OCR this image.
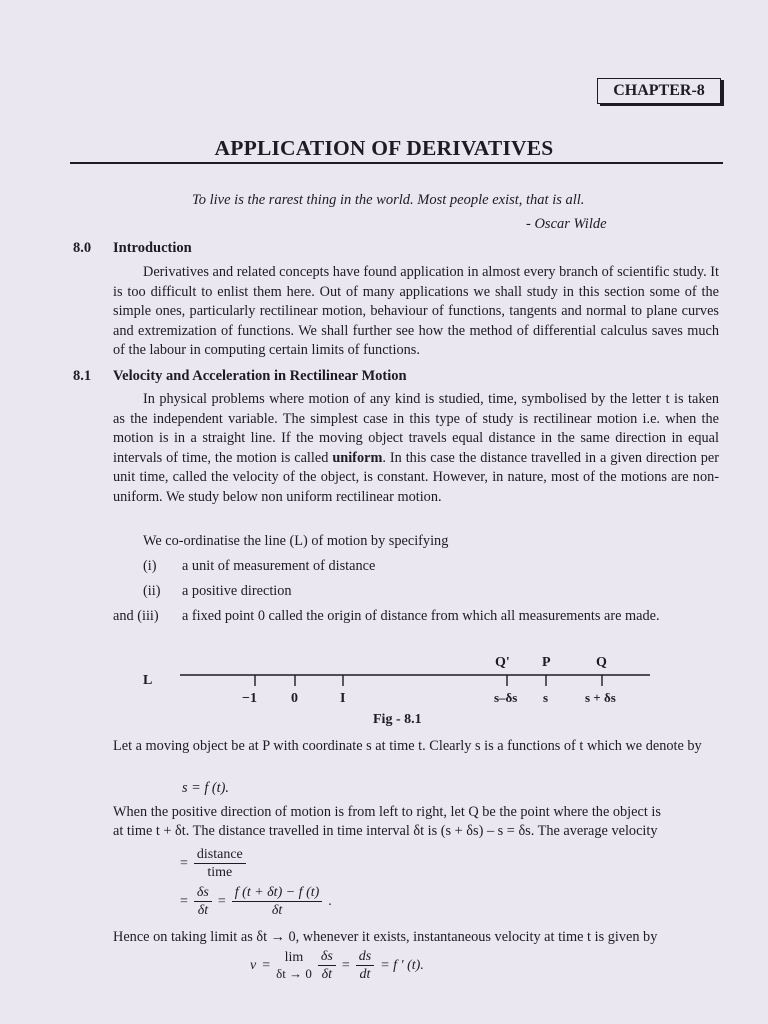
CHAPTER-8
APPLICATION OF DERIVATIVES
To live is the rarest thing in the world. Most people exist, that is all.
- Oscar Wilde
8.0 Introduction
Derivatives and related concepts have found application in almost every branch of scientific study. It is too difficult to enlist them here. Out of many applications we shall study in this section some of the simple ones, particularly rectilinear motion, behaviour of functions, tangents and normal to plane curves and extremization of functions. We shall further see how the method of differential calculus saves much of the labour in computing certain limits of functions.
8.1 Velocity and Acceleration in Rectilinear Motion
In physical problems where motion of any kind is studied, time, symbolised by the letter t is taken as the independent variable. The simplest case in this type of study is rectilinear motion i.e. when the motion is in a straight line. If the moving object travels equal distance in the same direction in equal intervals of time, the motion is called uniform. In this case the distance travelled in a given direction per unit time, called the velocity of the object, is constant. However, in nature, most of the motions are non-uniform. We study below non uniform rectilinear motion.
We co-ordinatise the line (L) of motion by specifying
(i) a unit of measurement of distance
(ii) a positive direction
and (iii) a fixed point 0 called the origin of distance from which all measurements are made.
L
Q' P	Q
−1 0	I	s–δs s	s + δs
Fig - 8.1
Let a moving object be at P with coordinate s at time t. Clearly s is a functions of t which we denote by
s = f (t).
When the positive direction of motion is from left to right, let Q be the point where the object is
at time t + δt. The distance travelled in time interval δt is (s + δs) – s = δs. The average velocity
= $\frac{\text{distance}}{\text{time}}$
= $\frac{\delta s}{\delta t} = \frac{f (t + \delta t) - f (t)}{\delta t}$ .
Hence on taking limit as δt → 0, whenever it exists, instantaneous velocity at time t is given by
v =
lim
$\delta t \to 0 \frac{\delta s}{\delta t} = \frac{ds}{dt} = f$ ′ (t).
